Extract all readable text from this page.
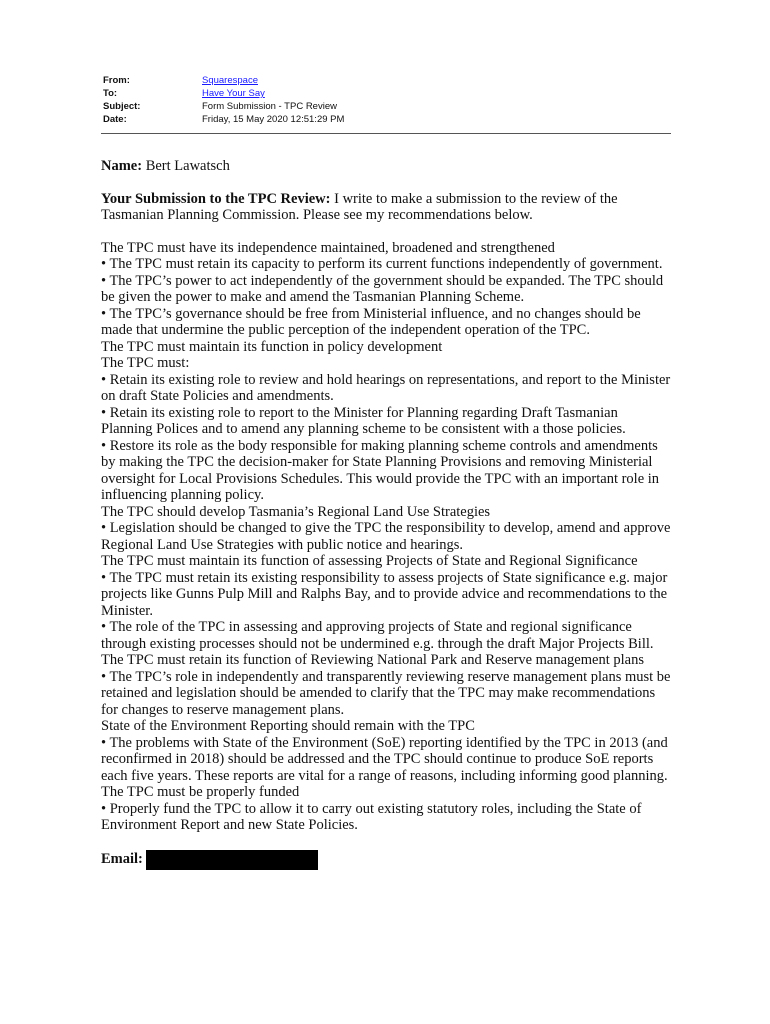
From:	Squarespace
To:	Have Your Say
Subject:	Form Submission - TPC Review
Date:	Friday, 15 May 2020 12:51:29 PM

Name: Bert Lawatsch

Your Submission to the TPC Review: I write to make a submission to the review of the Tasmanian Planning Commission. Please see my recommendations below.

The TPC must have its independence maintained, broadened and strengthened

• The TPC must retain its capacity to perform its current functions independently of government.

• The TPC’s power to act independently of the government should be expanded. The TPC should be given the power to make and amend the Tasmanian Planning Scheme.

• The TPC’s governance should be free from Ministerial influence, and no changes should be made that undermine the public perception of the independent operation of the TPC.

The TPC must maintain its function in policy development

The TPC must:

• Retain its existing role to review and hold hearings on representations, and report to the Minister on draft State Policies and amendments.

• Retain its existing role to report to the Minister for Planning regarding Draft Tasmanian Planning Polices and to amend any planning scheme to be consistent with a those policies.

• Restore its role as the body responsible for making planning scheme controls and amendments by making the TPC the decision-maker for State Planning Provisions and removing Ministerial oversight for Local Provisions Schedules. This would provide the TPC with an important role in influencing planning policy.

The TPC should develop Tasmania’s Regional Land Use Strategies

• Legislation should be changed to give the TPC the responsibility to develop, amend and approve Regional Land Use Strategies with public notice and hearings.

The TPC must maintain its function of assessing Projects of State and Regional Significance

• The TPC must retain its existing responsibility to assess projects of State significance e.g. major projects like Gunns Pulp Mill and Ralphs Bay, and to provide advice and recommendations to the Minister.

• The role of the TPC in assessing and approving projects of State and regional significance through existing processes should not be undermined e.g. through the draft Major Projects Bill.

The TPC must retain its function of Reviewing National Park and Reserve management plans

• The TPC’s role in independently and transparently reviewing reserve management plans must be retained and legislation should be amended to clarify that the TPC may make recommendations for changes to reserve management plans.

State of the Environment Reporting should remain with the TPC

• The problems with State of the Environment (SoE) reporting identified by the TPC in 2013 (and reconfirmed in 2018) should be addressed and the TPC should continue to produce SoE reports each five years. These reports are vital for a range of reasons, including informing good planning.

The TPC must be properly funded

• Properly fund the TPC to allow it to carry out existing statutory roles, including the State of Environment Report and new State Policies.

Email:
